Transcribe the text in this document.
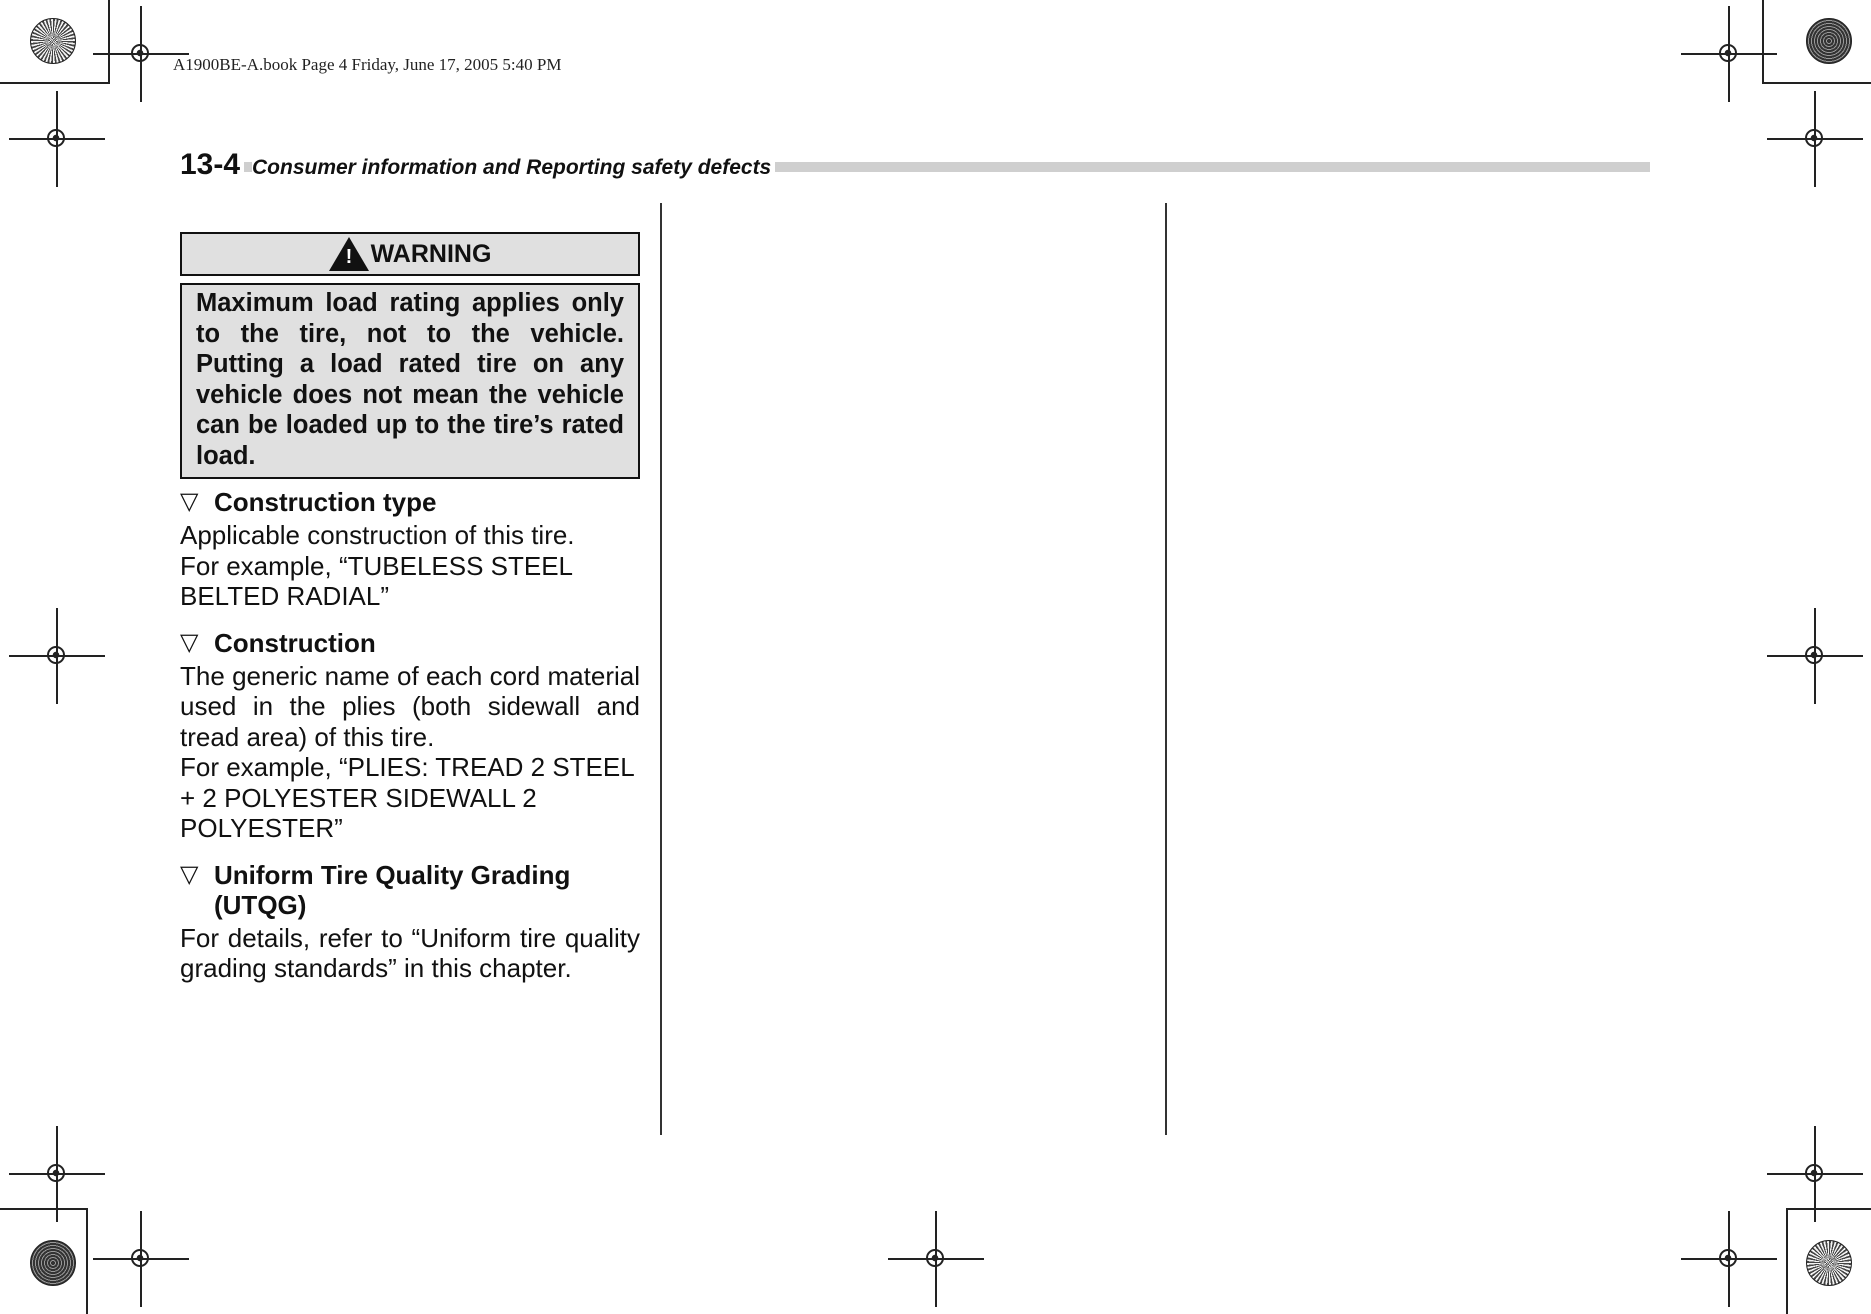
A1900BE-A.book Page 4 Friday, June 17, 2005 5:40 PM
13-4 Consumer information and Reporting safety defects
! WARNING
Maximum load rating applies only to the tire, not to the vehicle. Putting a load rated tire on any vehicle does not mean the vehicle can be loaded up to the tire’s rated load.
▽ Construction type
Applicable construction of this tire.
For example, “TUBELESS STEEL BELTED RADIAL”
▽ Construction
The generic name of each cord material used in the plies (both sidewall and tread area) of this tire.
For example, “PLIES: TREAD 2 STEEL + 2 POLYESTER SIDEWALL 2 POLYESTER”
▽ Uniform Tire Quality Grading (UTQG)
For details, refer to “Uniform tire quality grading standards” in this chapter.
